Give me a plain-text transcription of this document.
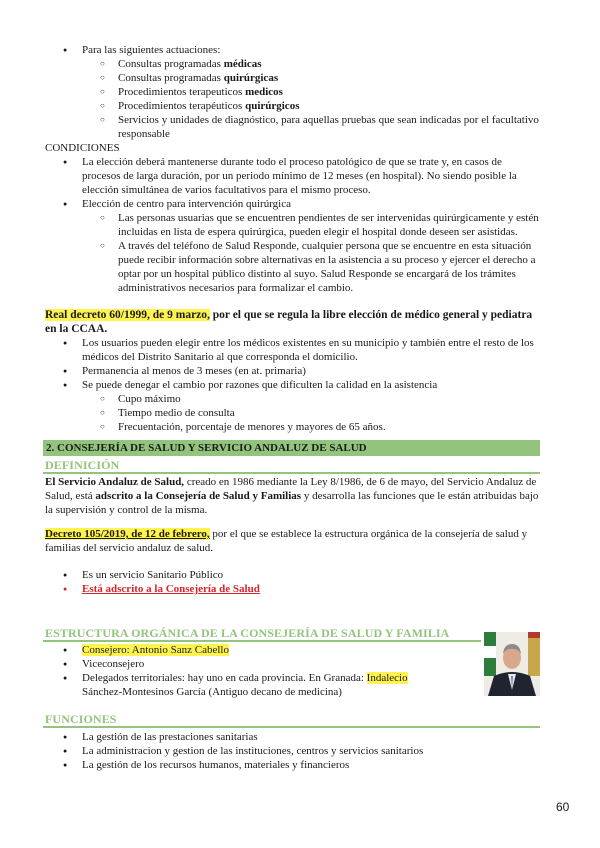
● Para las siguientes actuaciones:
○ Consultas programadas médicas
○ Consultas programadas quirúrgicas
○ Procedimientos terapeuticos medicos
○ Procedimientos terapéuticos quirúrgicos
○ Servicios y unidades de diagnóstico, para aquellas pruebas que sean indicadas por el facultativo responsable

CONDICIONES

● La elección deberá mantenerse durante todo el proceso patológico de que se trate y, en casos de procesos de larga duración, por un periodo mínimo de 12 meses (en hospital). No siendo posible la elección simultánea de varios facultativos para el mismo proceso.
● Elección de centro para intervención quirúrgica
○ Las personas usuarias que se encuentren pendientes de ser intervenidas quirúrgicamente y estén incluidas en lista de espera quirúrgica, pueden elegir el hospital donde deseen ser asistidas.
○ A través del teléfono de Salud Responde, cualquier persona que se encuentre en esta situación puede recibir información sobre alternativas en la asistencia a su proceso y ejercer el derecho a optar por un hospital público distinto al suyo. Salud Responde se encargará de los trámites administrativos necesarios para formalizar el cambio.

Real decreto 60/1999, de 9 marzo, por el que se regula la libre elección de médico general y pediatra en la CCAA.

● Los usuarios pueden elegir entre los médicos existentes en su municipio y también entre el resto de los médicos del Distrito Sanitario al que corresponda el domicilio.
● Permanencia al menos de 3 meses (en at. primaria)
● Se puede denegar el cambio por razones que dificulten la calidad en la asistencia
○ Cupo máximo
○ Tiempo medio de consulta
○ Frecuentación, porcentaje de menores y mayores de 65 años.
2. CONSEJERÍA DE SALUD Y SERVICIO ANDALUZ DE SALUD

DEFINICIÓN

El Servicio Andaluz de Salud, creado en 1986 mediante la Ley 8/1986, de 6 de mayo, del Servicio Andaluz de Salud, está adscrito a la Consejería de Salud y Familias y desarrolla las funciones que le están atribuidas bajo la supervisión y control de la misma.

Decreto 105/2019, de 12 de febrero, por el que se establece la estructura orgánica de la consejería de salud y familias del servicio andaluz de salud.

● Es un servicio Sanitario Público
● Está adscrito a la Consejería de Salud

ESTRUCTURA ORGÁNICA DE LA CONSEJERÍA DE SALUD Y FAMILIA

● Consejero: Antonio Sanz Cabello
● Viceconsejero
● Delegados territoriales: hay uno en cada provincia. En Granada: Indalecio Sánchez-Montesinos García (Antiguo decano de medicina)

FUNCIONES

● La gestión de las prestaciones sanitarias
● La administracion y gestion de las instituciones, centros y servicios sanitarios
● La gestión de los recursos humanos, materiales y financieros
60
